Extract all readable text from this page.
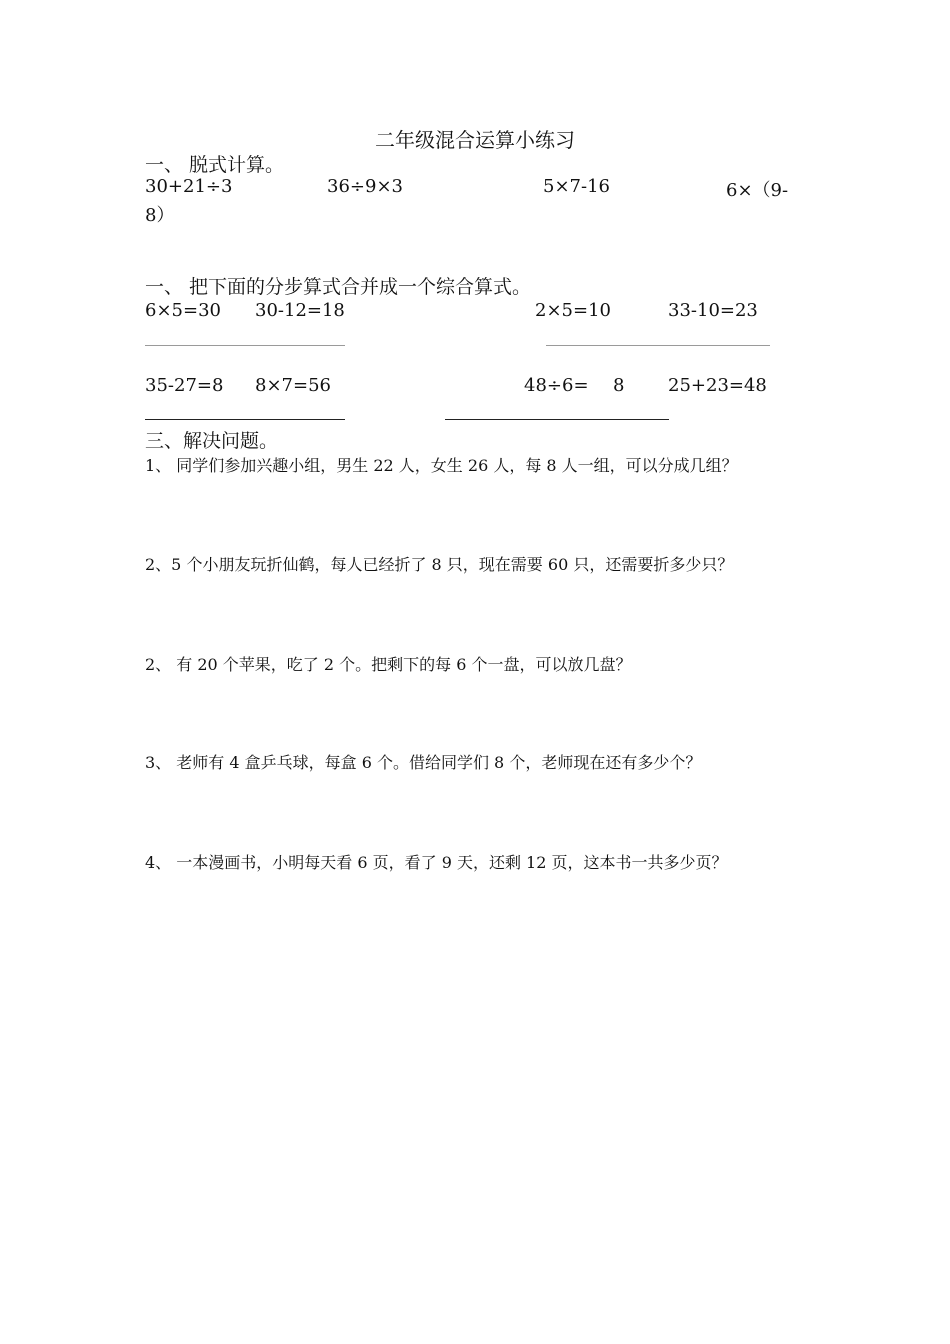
二年级混合运算小练习
一、 脱式计算。
30+21÷3	36÷9×3	5×7-16	6×（9-
8）
一、 把下面的分步算式合并成一个综合算式。
6×5=30 30-12=18	2×5=10	33-10=23
35-27=8 8×7=56	48÷6= 8 25+23=48
三、解决问题。
1、 同学们参加兴趣小组，男生 22 人，女生 26 人，每 8 人一组，可以分成几组？
2、5 个小朋友玩折仙鹤，每人已经折了 8 只，现在需要 60 只，还需要折多少只？
2、 有 20 个苹果，吃了 2 个。把剩下的每 6 个一盘，可以放几盘？
3、 老师有 4 盒乒乓球，每盒 6 个。借给同学们 8 个，老师现在还有多少个？
4、 一本漫画书，小明每天看 6 页，看了 9 天，还剩 12 页，这本书一共多少页？
